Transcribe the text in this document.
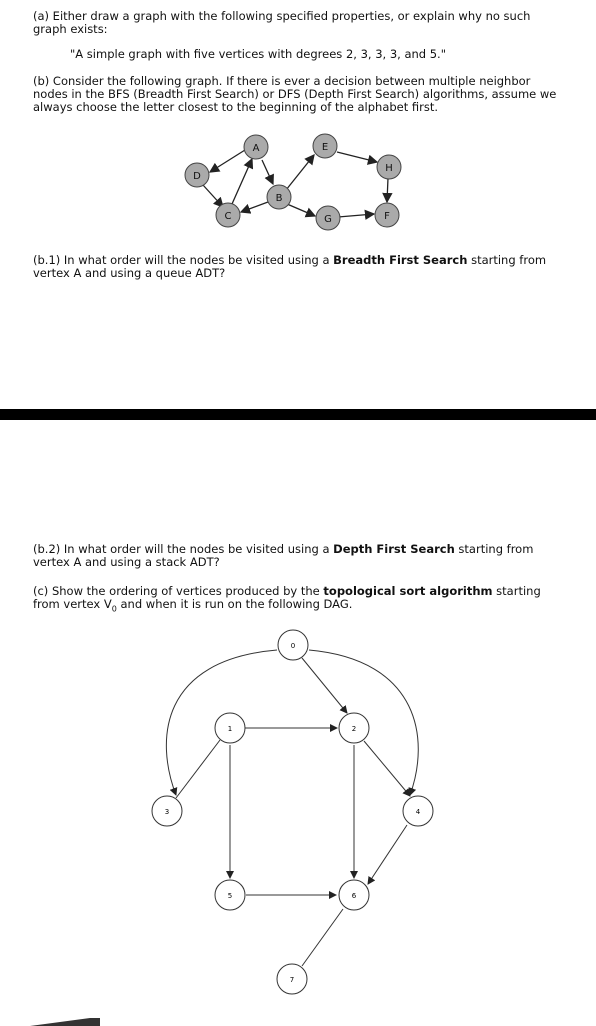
(a) Either draw a graph with the following specified properties, or explain why no such
graph exists:
"A simple graph with five vertices with degrees 2, 3, 3, 3, and 5."
(b) Consider the following graph. If there is ever a decision between multiple neighbor
nodes in the BFS (Breadth First Search) or DFS (Depth First Search) algorithms, assume we
always choose the letter closest to the beginning of the alphabet first.
A
B
C
D
E
F
G
H
0
1	2
3	4
5	6
7
(b.1) In what order will the nodes be visited using a Breadth First Search starting from
vertex A and using a queue ADT?
(b.2) In what order will the nodes be visited using a Depth First Search starting from
vertex A and using a stack ADT?
(c) Show the ordering of vertices produced by the topological sort algorithm starting
from vertex $V_0$ and when it is run on the following DAG.
